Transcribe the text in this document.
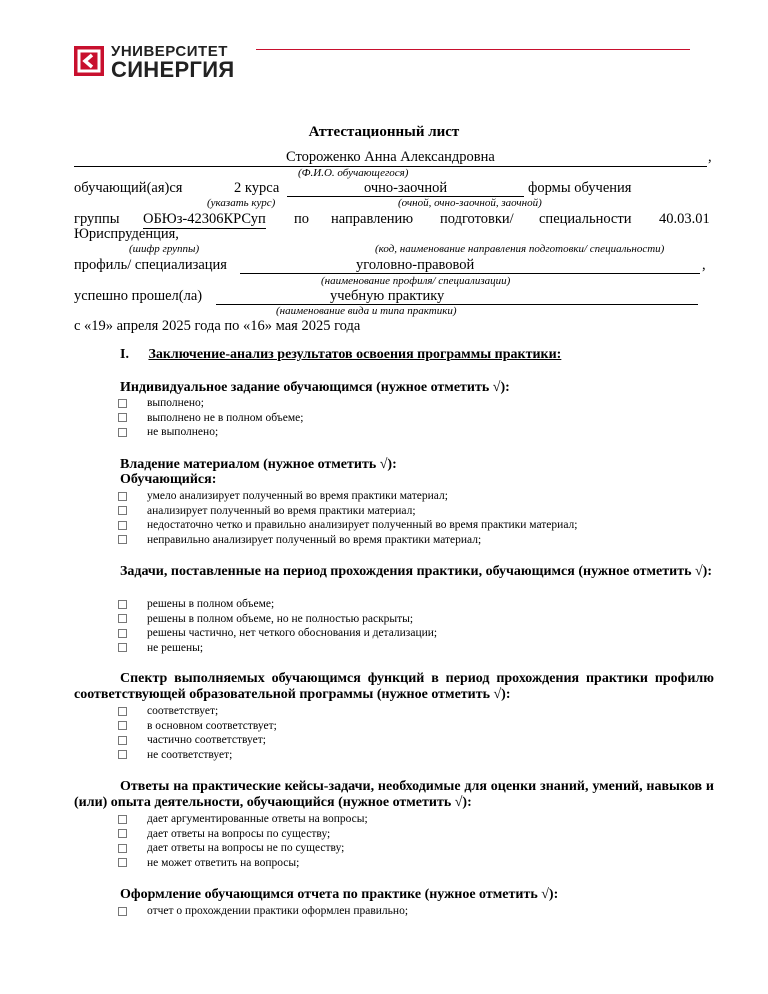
УНИВЕРСИТЕТ
СИНЕРГИЯ
Аттестационный лист
Стороженко Анна Александровна	,
(Ф.И.О. обучающегося)
обучающий(ая)ся	2 курса	очно-заочной	формы обучения
(указать курс)	(очной, очно-заочной, заочной)
группы ОБЮз-42306КРСуп по направлению подготовки/ специальности 40.03.01
Юриспруденция,
(шифр группы)	(код, наименование направления подготовки/ специальности)
профиль/ специализация	уголовно-правовой	,
(наименование профиля/ специализации)
успешно прошел(ла)	учебную практику
(наименование вида и типа практики)
с «19» апреля 2025 года по «16» мая 2025 года
I. Заключение-анализ результатов освоения программы практики:
Индивидуальное задание обучающимся (нужное отметить √):
выполнено;
выполнено не в полном объеме;
не выполнено;
Владение материалом (нужное отметить √):
Обучающийся:
умело анализирует полученный во время практики материал;
анализирует полученный во время практики материал;
недостаточно четко и правильно анализирует полученный во время практики материал;
неправильно анализирует полученный во время практики материал;
Задачи, поставленные на период прохождения практики, обучающимся (нужное отметить √):
решены в полном объеме;
решены в полном объеме, но не полностью раскрыты;
решены частично, нет четкого обоснования и детализации;
не решены;
Спектр выполняемых обучающимся функций в период прохождения практики профилю соответствующей образовательной программы (нужное отметить √):
соответствует;
в основном соответствует;
частично соответствует;
не соответствует;
Ответы на практические кейсы-задачи, необходимые для оценки знаний, умений, навыков и (или) опыта деятельности, обучающийся (нужное отметить √):
дает аргументированные ответы на вопросы;
дает ответы на вопросы по существу;
дает ответы на вопросы не по существу;
не может ответить на вопросы;
Оформление обучающимся отчета по практике (нужное отметить √):
отчет о прохождении практики оформлен правильно;
